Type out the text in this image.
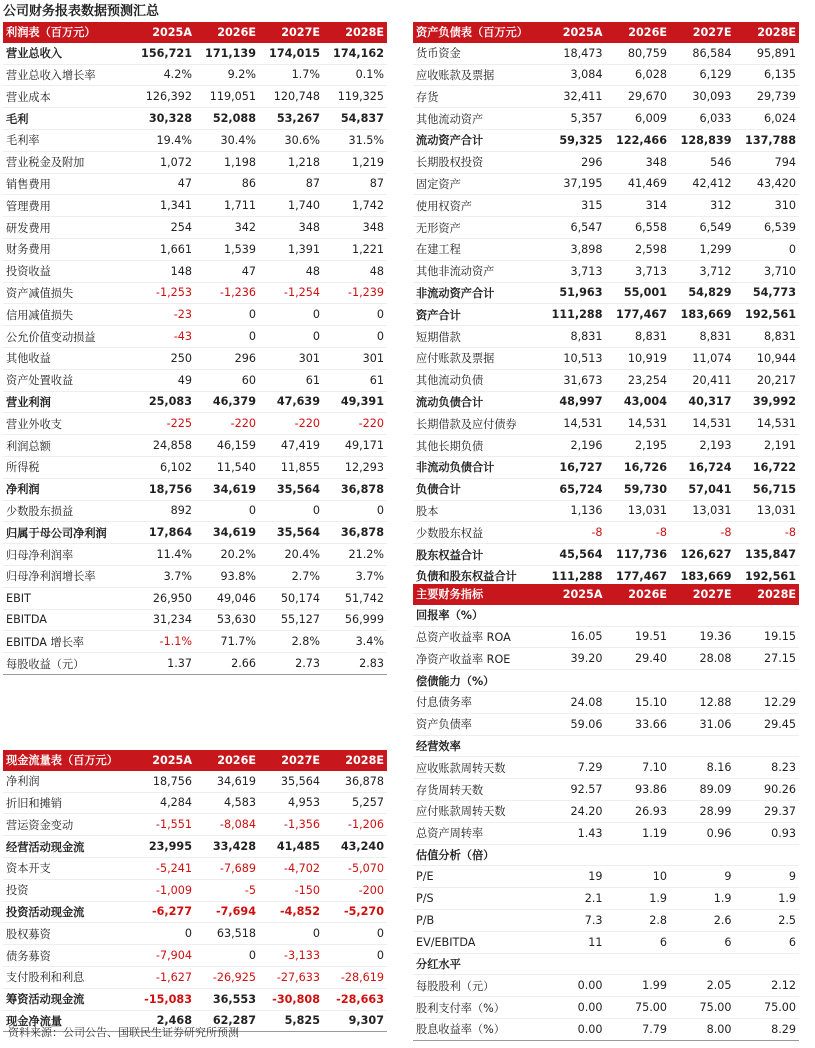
公司财务报表数据预测汇总
利润表（百万元）	2025A	2026E	2027E	2028E
营业总收入	156,721	171,139	174,015	174,162
营业总收入增长率	4.2%	9.2%	1.7%	0.1%
营业成本	126,392	119,051	120,748	119,325
毛利	30,328	52,088	53,267	54,837
毛利率	19.4%	30.4%	30.6%	31.5%
营业税金及附加	1,072	1,198	1,218	1,219
销售费用	47	86	87	87
管理费用	1,341	1,711	1,740	1,742
研发费用	254	342	348	348
财务费用	1,661	1,539	1,391	1,221
投资收益	148	47	48	48
资产减值损失	-1,253	-1,236	-1,254	-1,239
信用减值损失	-23	0	0	0
公允价值变动损益	-43	0	0	0
其他收益	250	296	301	301
资产处置收益	49	60	61	61
营业利润	25,083	46,379	47,639	49,391
营业外收支	-225	-220	-220	-220
利润总额	24,858	46,159	47,419	49,171
所得税	6,102	11,540	11,855	12,293
净利润	18,756	34,619	35,564	36,878
少数股东损益	892	0	0	0
归属于母公司净利润	17,864	34,619	35,564	36,878
归母净利润率	11.4%	20.2%	20.4%	21.2%
归母净利润增长率	3.7%	93.8%	2.7%	3.7%
EBIT	26,950	49,046	50,174	51,742
EBITDA	31,234	53,630	55,127	56,999
EBITDA 增长率	-1.1%	71.7%	2.8%	3.4%
每股收益（元）	1.37	2.66	2.73	2.83
资产负债表（百万元）	2025A	2026E	2027E	2028E
货币资金	18,473	80,759	86,584	95,891
应收账款及票据	3,084	6,028	6,129	6,135
存货	32,411	29,670	30,093	29,739
其他流动资产	5,357	6,009	6,033	6,024
流动资产合计	59,325	122,466	128,839	137,788
长期股权投资	296	348	546	794
固定资产	37,195	41,469	42,412	43,420
使用权资产	315	314	312	310
无形资产	6,547	6,558	6,549	6,539
在建工程	3,898	2,598	1,299	0
其他非流动资产	3,713	3,713	3,712	3,710
非流动资产合计	51,963	55,001	54,829	54,773
资产合计	111,288	177,467	183,669	192,561
短期借款	8,831	8,831	8,831	8,831
应付账款及票据	10,513	10,919	11,074	10,944
其他流动负债	31,673	23,254	20,411	20,217
流动负债合计	48,997	43,004	40,317	39,992
长期借款及应付债券	14,531	14,531	14,531	14,531
其他长期负债	2,196	2,195	2,193	2,191
非流动负债合计	16,727	16,726	16,724	16,722
负债合计	65,724	59,730	57,041	56,715
股本	1,136	13,031	13,031	13,031
少数股东权益	-8	-8	-8	-8
股东权益合计	45,564	117,736	126,627	135,847
负债和股东权益合计	111,288	177,467	183,669	192,561
现金流量表（百万元）	2025A	2026E	2027E	2028E
净利润	18,756	34,619	35,564	36,878
折旧和摊销	4,284	4,583	4,953	5,257
营运资金变动	-1,551	-8,084	-1,356	-1,206
经营活动现金流	23,995	33,428	41,485	43,240
资本开支	-5,241	-7,689	-4,702	-5,070
投资	-1,009	-5	-150	-200
投资活动现金流	-6,277	-7,694	-4,852	-5,270
股权募资	0	63,518	0	0
债务募资	-7,904	0	-3,133	0
支付股利和利息	-1,627	-26,925	-27,633	-28,619
筹资活动现金流	-15,083	36,553	-30,808	-28,663
现金净流量	2,468	62,287	5,825	9,307
主要财务指标	2025A	2026E	2027E	2028E
回报率（%）				
总资产收益率 ROA	16.05	19.51	19.36	19.15
净资产收益率 ROE	39.20	29.40	28.08	27.15
偿债能力（%）				
付息债务率	24.08	15.10	12.88	12.29
资产负债率	59.06	33.66	31.06	29.45
经营效率				
应收账款周转天数	7.29	7.10	8.16	8.23
存货周转天数	92.57	93.86	89.09	90.26
应付账款周转天数	24.20	26.93	28.99	29.37
总资产周转率	1.43	1.19	0.96	0.93
估值分析（倍）				
P/E	19	10	9	9
P/S	2.1	1.9	1.9	1.9
P/B	7.3	2.8	2.6	2.5
EV/EBITDA	11	6	6	6
分红水平				
每股股利（元）	0.00	1.99	2.05	2.12
股利支付率（%）	0.00	75.00	75.00	75.00
股息收益率（%）	0.00	7.79	8.00	8.29
资料来源：公司公告、国联民生证券研究所预测
